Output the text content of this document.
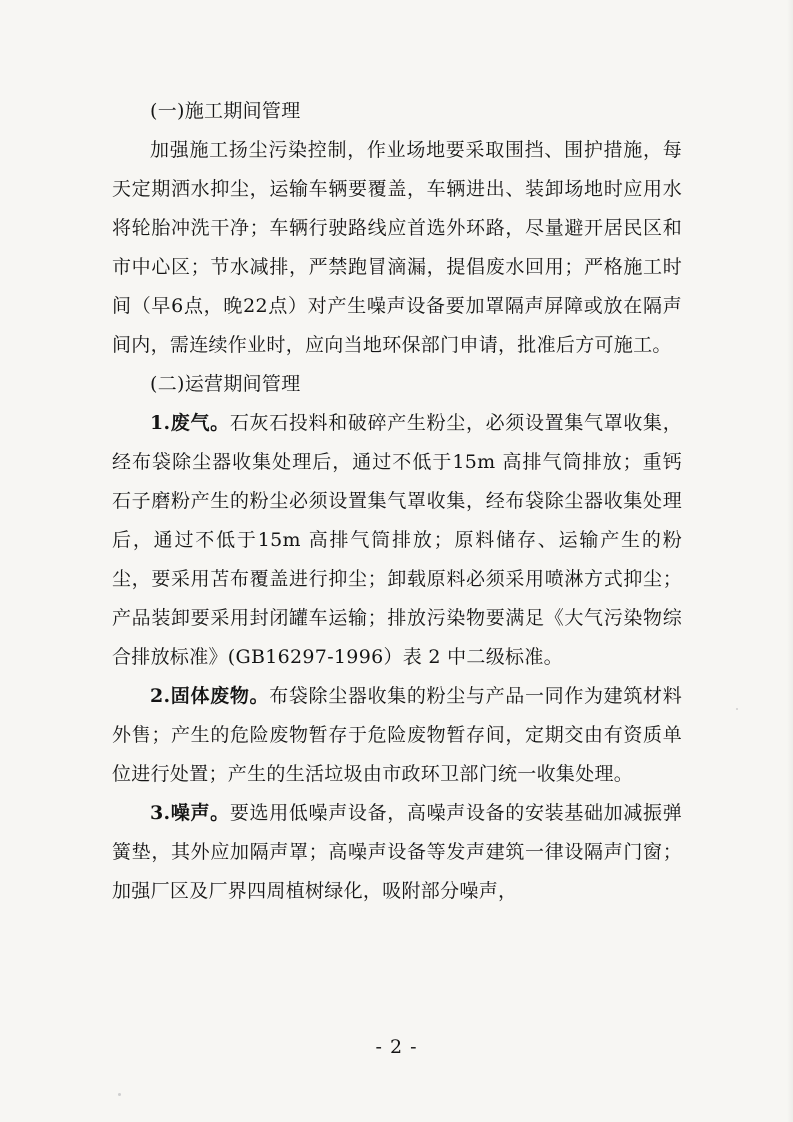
(一)施工期间管理

加强施工扬尘污染控制，作业场地要采取围挡、围护措施，每天定期洒水抑尘，运输车辆要覆盖，车辆进出、装卸场地时应用水将轮胎冲洗干净；车辆行驶路线应首选外环路，尽量避开居民区和市中心区；节水减排，严禁跑冒滴漏，提倡废水回用；严格施工时间（早6点，晚22点）对产生噪声设备要加罩隔声屏障或放在隔声间内，需连续作业时，应向当地环保部门申请，批准后方可施工。

(二)运营期间管理

1.废气。石灰石投料和破碎产生粉尘，必须设置集气罩收集，经布袋除尘器收集处理后，通过不低于15m 高排气筒排放；重钙石子磨粉产生的粉尘必须设置集气罩收集，经布袋除尘器收集处理后，通过不低于15m 高排气筒排放；原料储存、运输产生的粉尘，要采用苫布覆盖进行抑尘；卸载原料必须采用喷淋方式抑尘；产品装卸要采用封闭罐车运输；排放污染物要满足《大气污染物综合排放标准》(GB16297-1996）表 2 中二级标准。

2.固体废物。布袋除尘器收集的粉尘与产品一同作为建筑材料外售；产生的危险废物暂存于危险废物暂存间，定期交由有资质单位进行处置；产生的生活垃圾由市政环卫部门统一收集处理。

3.噪声。要选用低噪声设备，高噪声设备的安装基础加减振弹簧垫，其外应加隔声罩；高噪声设备等发声建筑一律设隔声门窗；加强厂区及厂界四周植树绿化，吸附部分噪声，

- 2 -
